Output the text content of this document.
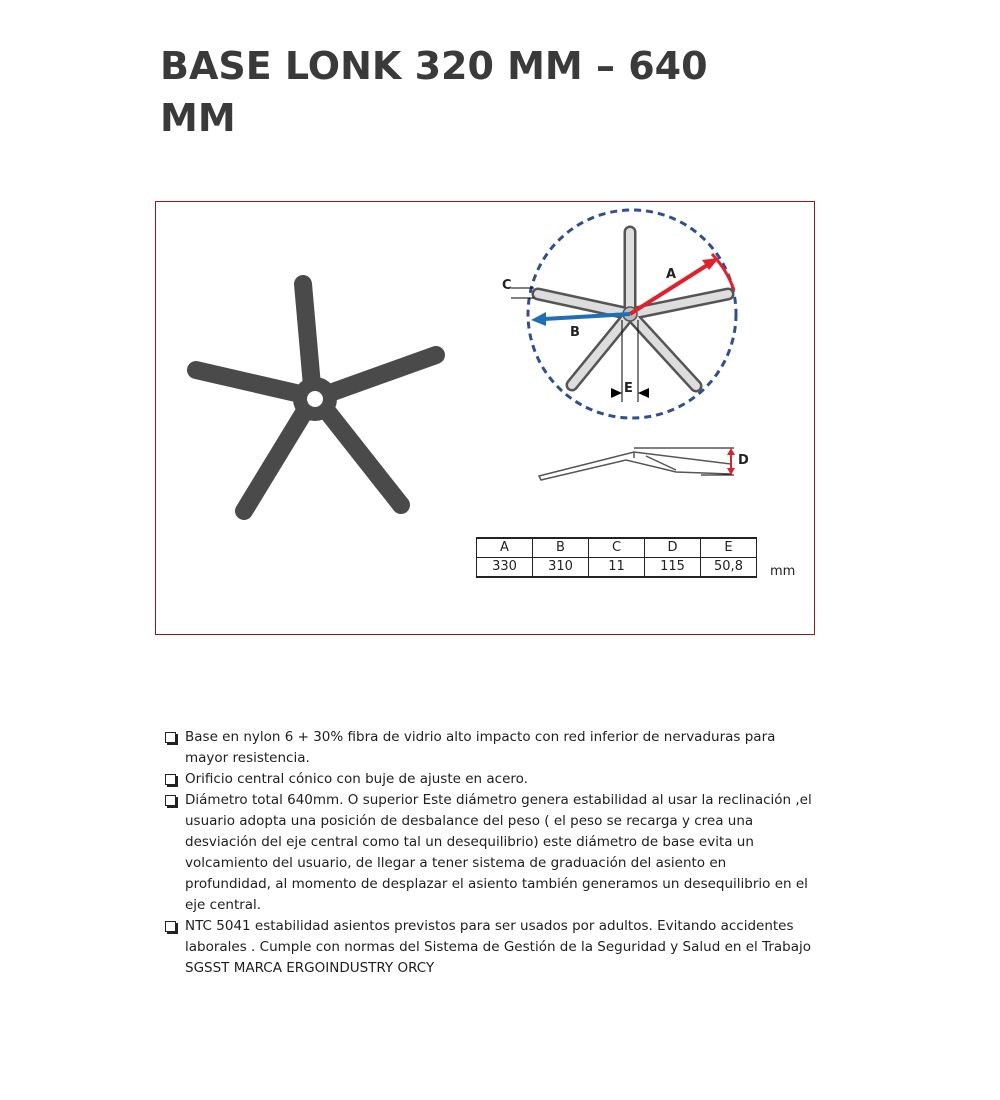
BASE LONK 320 MM – 640 MM
A
B
C
D
E
A	B	C	D	E
330	310	11	115	50,8 mm
Base en nylon 6 + 30% fibra de vidrio alto impacto con red inferior de nervaduras para mayor resistencia.
Orificio central cónico con buje de ajuste en acero.
Diámetro total 640mm. O superior Este diámetro genera estabilidad al usar la reclinación ,el usuario adopta una posición de desbalance del peso ( el peso se recarga y crea una desviación del eje central como tal un desequilibrio) este diámetro de base evita un volcamiento del usuario, de llegar a tener sistema de graduación del asiento en profundidad, al momento de desplazar el asiento también generamos un desequilibrio en el eje central.
NTC 5041 estabilidad asientos previstos para ser usados por adultos. Evitando accidentes laborales . Cumple con normas del Sistema de Gestión de la Seguridad y Salud en el Trabajo SGSST MARCA ERGOINDUSTRY ORCY
